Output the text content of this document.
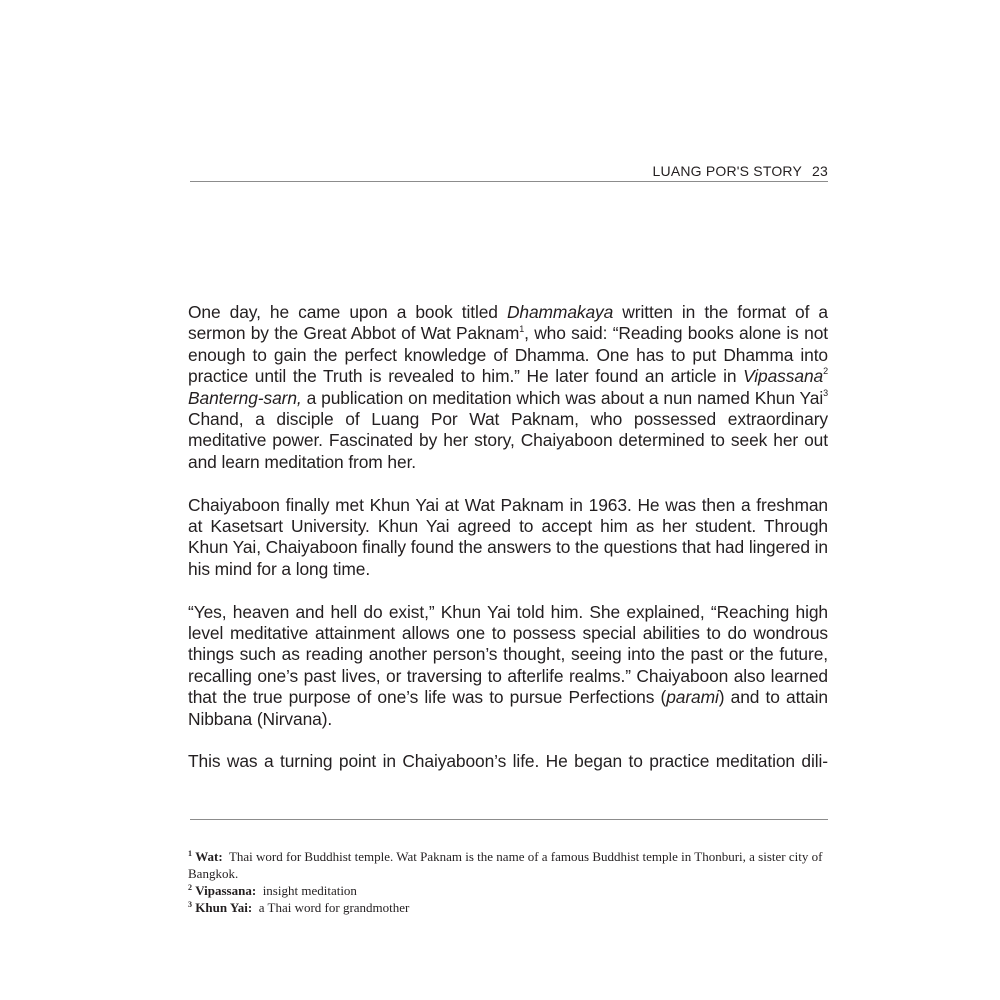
LUANG POR'S STORY 23

One day, he came upon a book titled Dhammakaya written in the format of a sermon by the Great Abbot of Wat Paknam$^1$, who said: “Reading books alone is not enough to gain the perfect knowledge of Dhamma. One has to put Dhamma into practice until the Truth is revealed to him.” He later found an article in Vipassana$^2$ Banterng-sarn, a publication on meditation which was about a nun named Khun Yai$^3$ Chand, a disciple of Luang Por Wat Paknam, who possessed extraordinary meditative power. Fascinated by her story, Chaiyaboon determined to seek her out and learn meditation from her.

Chaiyaboon finally met Khun Yai at Wat Paknam in 1963. He was then a freshman at Kasetsart University. Khun Yai agreed to accept him as her student. Through Khun Yai, Chaiyaboon finally found the answers to the questions that had lingered in his mind for a long time.

“Yes, heaven and hell do exist,” Khun Yai told him. She explained, “Reaching high level meditative attainment allows one to possess special abilities to do wondrous things such as reading another person’s thought, seeing into the past or the future, recalling one’s past lives, or traversing to afterlife realms.” Chaiyaboon also learned that the true purpose of one’s life was to pursue Perfections (parami) and to attain Nibbana (Nirvana).

This was a turning point in Chaiyaboon’s life. He began to practice meditation dili-

$^1$ Wat: Thai word for Buddhist temple. Wat Paknam is the name of a famous Buddhist temple in Thonburi, a sister city of Bangkok.

$^2$ Vipassana: insight meditation

$^3$ Khun Yai: a Thai word for grandmother
